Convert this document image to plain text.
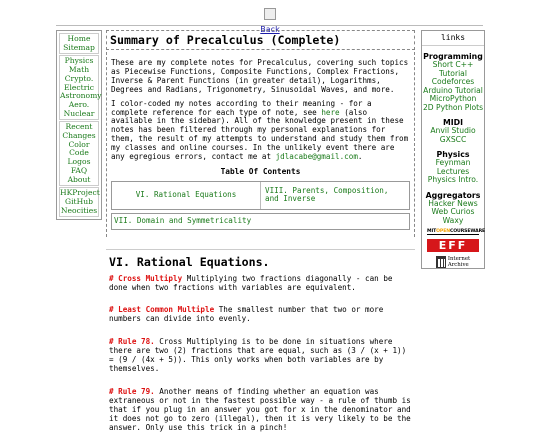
Back
Home
Sitemap
Physics
Math
Crypto.
Electric
Astronomy
Aero.
Nuclear
Recent
Changes
Color
Code
Logos
FAQ
About
HKProject
GitHub
Neocities
Summary of Precalculus (Complete)

These are my complete notes for Precalculus, covering such topics as Piecewise Functions, Composite Functions, Complex Fractions, Inverse & Parent Functions (in greater detail), Logarithms, Degrees and Radians, Trigonometry, Sinusoidal Waves, and more.

I color-coded my notes according to their meaning - for a complete reference for each type of note, see here (also available in the sidebar). All of the knowledge present in these notes has been filtered through my personal explanations for them, the result of my attempts to understand and study them from my classes and online courses. In the unlikely event there are any egregious errors, contact me at jdlacabe@gmail.com.

Table Of Contents
VI. Rational Equations	VIII. Parents, Composition, and Inverse
VII. Domain and Symmetricality
VI. Rational Equations.
# Cross Multiply Multiplying two fractions diagonally - can be done when two fractions with variables are equivalent.
# Least Common Multiple The smallest number that two or more numbers can divide into evenly.
# Rule 78. Cross Multiplying is to be done in situations where there are two (2) fractions that are equal, such as (3 / (x + 1)) = (9 / (4x + 5)). This only works when both variables are by themselves.
# Rule 79. Another means of finding whether an equation was extraneous or not in the fastest possible way - a rule of thumb is that if you plug in an answer you got for x in the denominator and it does not go to zero (illegal), then it is very likely to be the answer. Only use this trick in a pinch!
links
Programming
Short C++ Tutorial
Codeforces
Arduino Tutorial
MicroPython
2D Python Plots
MIDI
Anvil Studio
GXSCC
Physics
Feynman Lectures
Physics Intro.
Aggregators
Hacker News
Web Curios
Waxy
MITOPENCOURSEWARE
EFF
Internet
Archive
